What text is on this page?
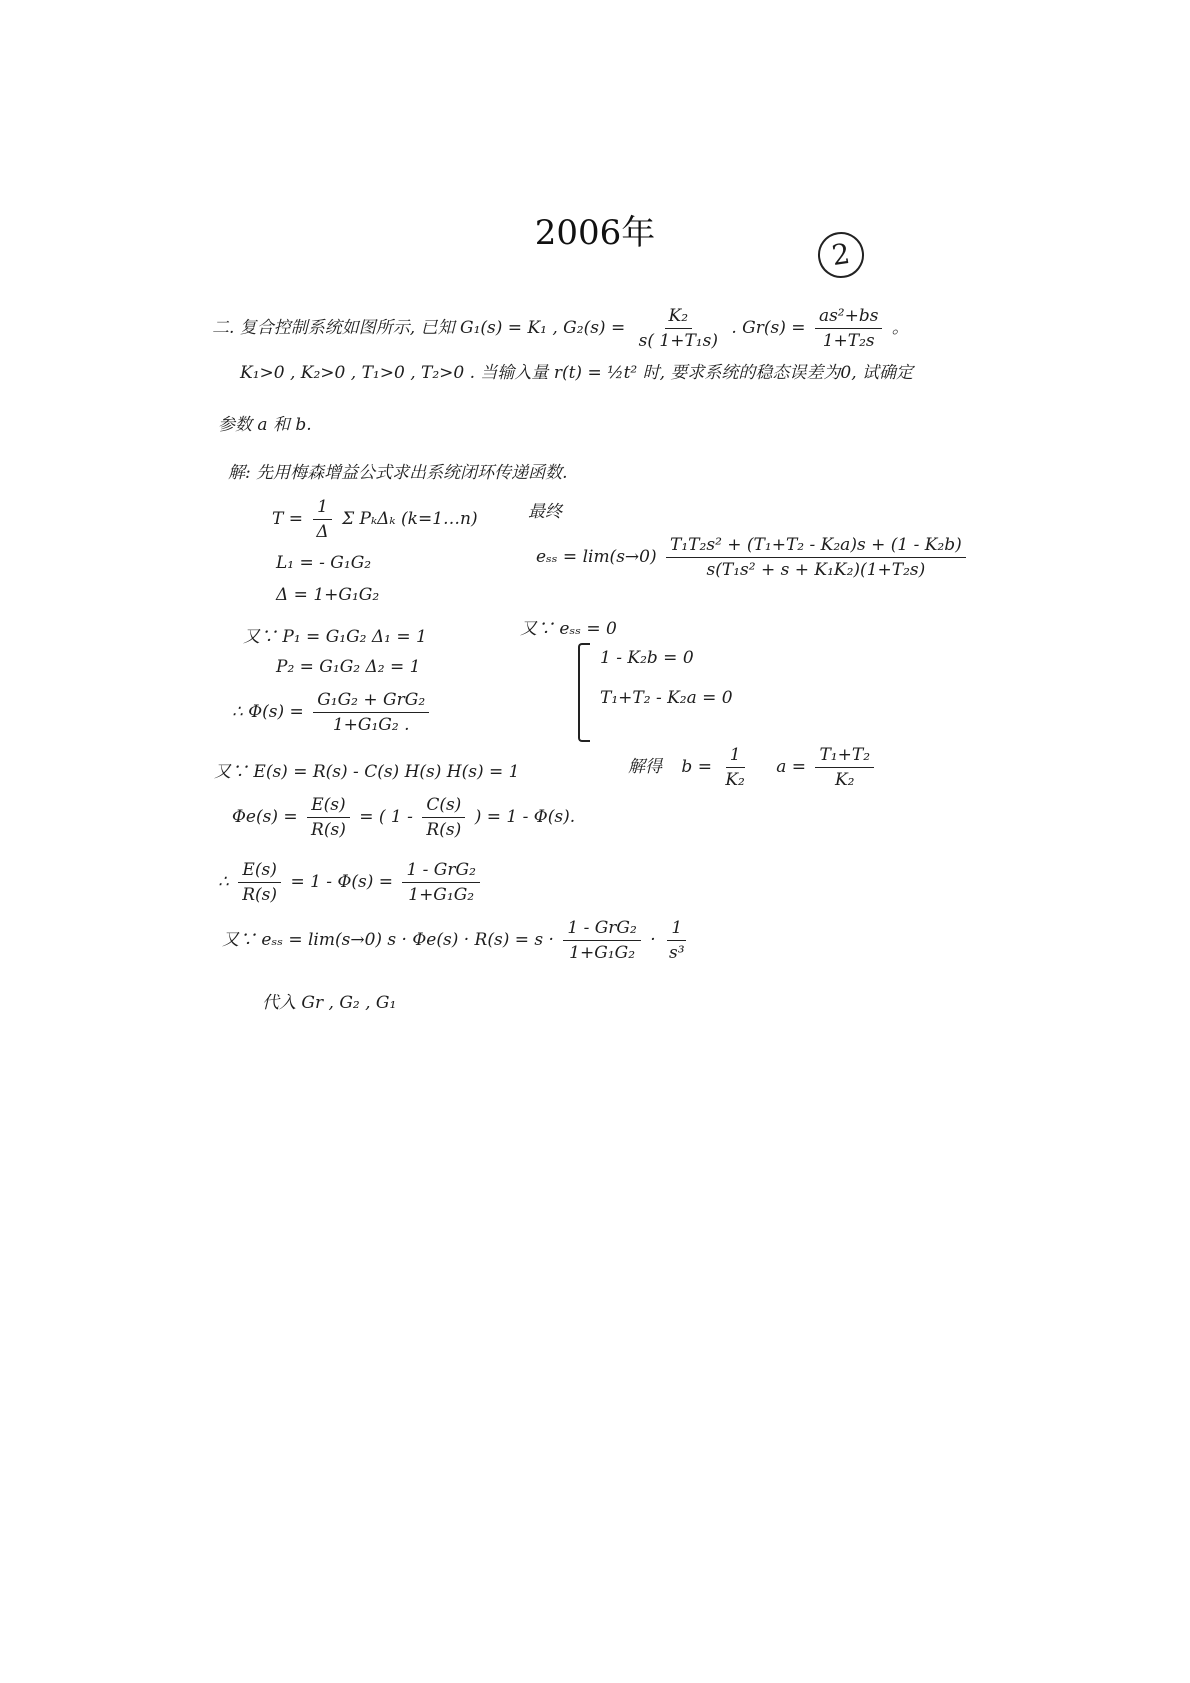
2006年
2
二. 复合控制系统如图所示, 已知 G₁(s) = K₁ , $G_2(s) = \frac{\text{K₂}}{\text{s( 1+T₁s)}}$ . $Gr(s) = \frac{\text{as²+bs}}{\text{1+T₂s}}$ 。
K₁>0 , K₂>0 , T₁>0 , T₂>0 . 当输入量 r(t) = ½t² 时, 要求系统的稳态误差为0, 试确定
参数 a 和 b.
解: 先用梅森增益公式求出系统闭环传递函数.
$T = \frac{1}{\Delta}$ Σ PₖΔₖ (k=1…n)
L₁ = - G₁G₂
Δ = 1+G₁G₂
又∵ P₁ = G₁G₂ Δ₁ = 1
P₂ = G₁G₂ Δ₂ = 1
∴ $\Phi(s) = \frac{\text{G₁G₂ + GrG₂}}{\text{1+G₁G₂ .}}$
又∵ E(s) = R(s) - C(s) H(s) H(s) = 1
$\Phi e(s) = \frac{E(s)}{R(s)}$ = ( $1 - \frac{C(s)}{R(s)}$ ) = 1 - Φ(s).
∴ $\frac{E(s)}{R(s)} = 1 - \Phi(s) = \frac{\text{1 - GrG₂}}{\text{1+G₁G₂}}$
又∵ eₛₛ = lim(s→0) $s \cdot \Phi e(s) \cdot R(s) = s \cdot \frac{\text{1 - GrG₂}}{\text{1+G₁G₂}} \cdot \frac{1}{\text{s³}}$
代入 Gr , G₂ , G₁
最终
$e_{ss} = \lim(s\to 0) \frac{\text{T₁T₂s² + (T₁+T₂ - K₂a)s + (1 - K₂b)}}{\text{s(T₁s² + s + K₁K₂)(1+T₂s)}}$
又∵ eₛₛ = 0
1 - K₂b = 0
T₁+T₂ - K₂a = 0
解得 $b = \frac{1}{\text{K₂}}$ $a = \frac{\text{T₁+T₂}}{\text{K₂}}$
